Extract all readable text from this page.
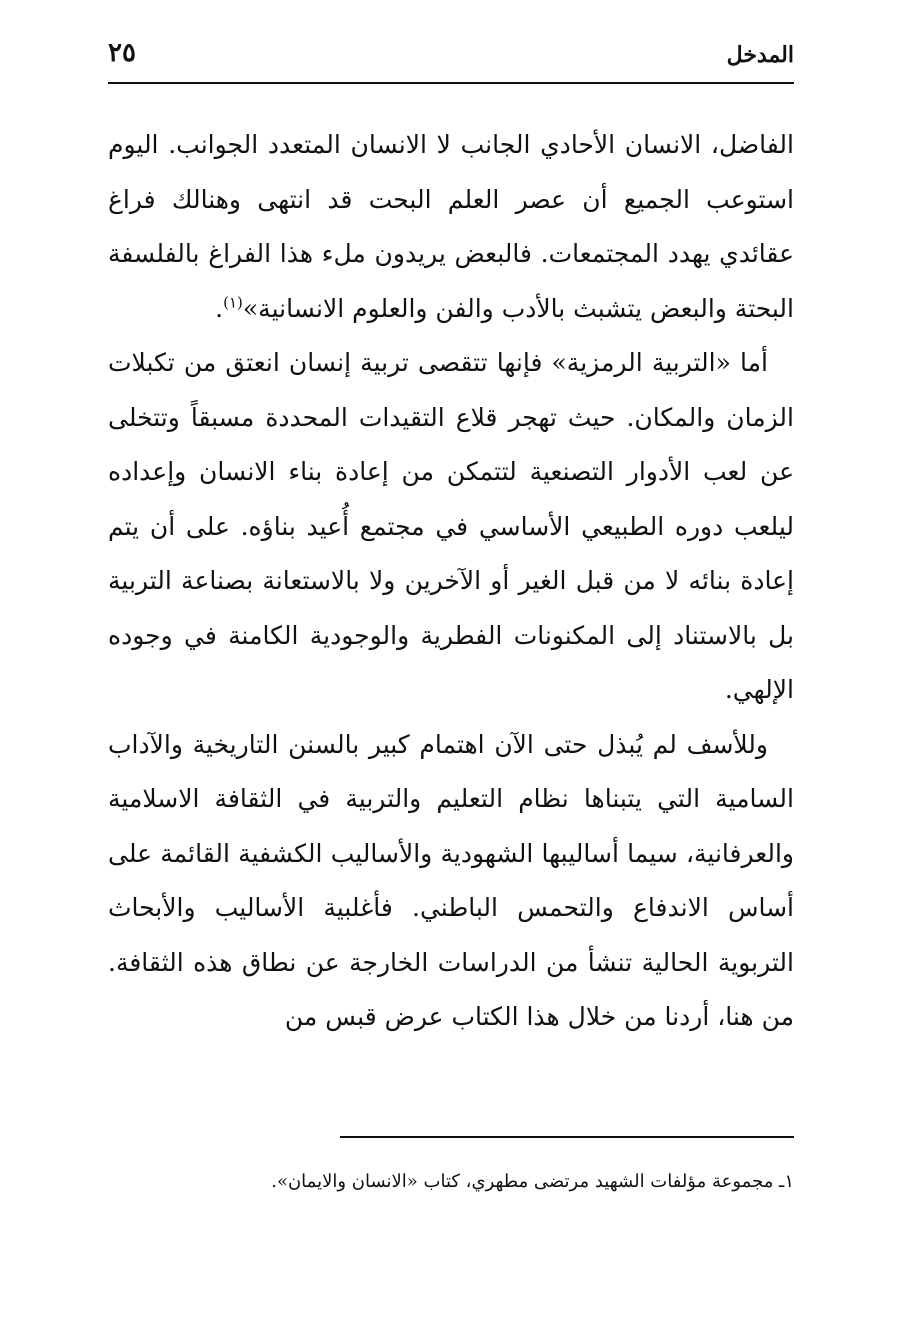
المدخل
٢٥

الفاضل، الانسان الأحادي الجانب لا الانسان المتعدد الجوانب. اليوم استوعب الجميع أن عصر العلم البحت قد انتهى وهنالك فراغ عقائدي يهدد المجتمعات. فالبعض يريدون ملء هذا الفراغ بالفلسفة البحتة والبعض يتشبث بالأدب والفن والعلوم الانسانية»$^{(١)}$.

أما «التربية الرمزية» فإنها تتقصى تربية إنسان انعتق من تكبلات الزمان والمكان. حيث تهجر قلاع التقيدات المحددة مسبقاً وتتخلى عن لعب الأدوار التصنعية لتتمكن من إعادة بناء الانسان وإعداده ليلعب دوره الطبيعي الأساسي في مجتمع أُعيد بناؤه. على أن يتم إعادة بنائه لا من قبل الغير أو الآخرين ولا بالاستعانة بصناعة التربية بل بالاستناد إلى المكنونات الفطرية والوجودية الكامنة في وجوده الإلهي.

وللأسف لم يُبذل حتى الآن اهتمام كبير بالسنن التاريخية والآداب السامية التي يتبناها نظام التعليم والتربية في الثقافة الاسلامية والعرفانية، سيما أساليبها الشهودية والأساليب الكشفية القائمة على أساس الاندفاع والتحمس الباطني. فأغلبية الأساليب والأبحاث التربوية الحالية تنشأ من الدراسات الخارجة عن نطاق هذه الثقافة. من هنا، أردنا من خلال هذا الكتاب عرض قبس من

١ـ مجموعة مؤلفات الشهيد مرتضى مطهري، كتاب «الانسان والايمان».
